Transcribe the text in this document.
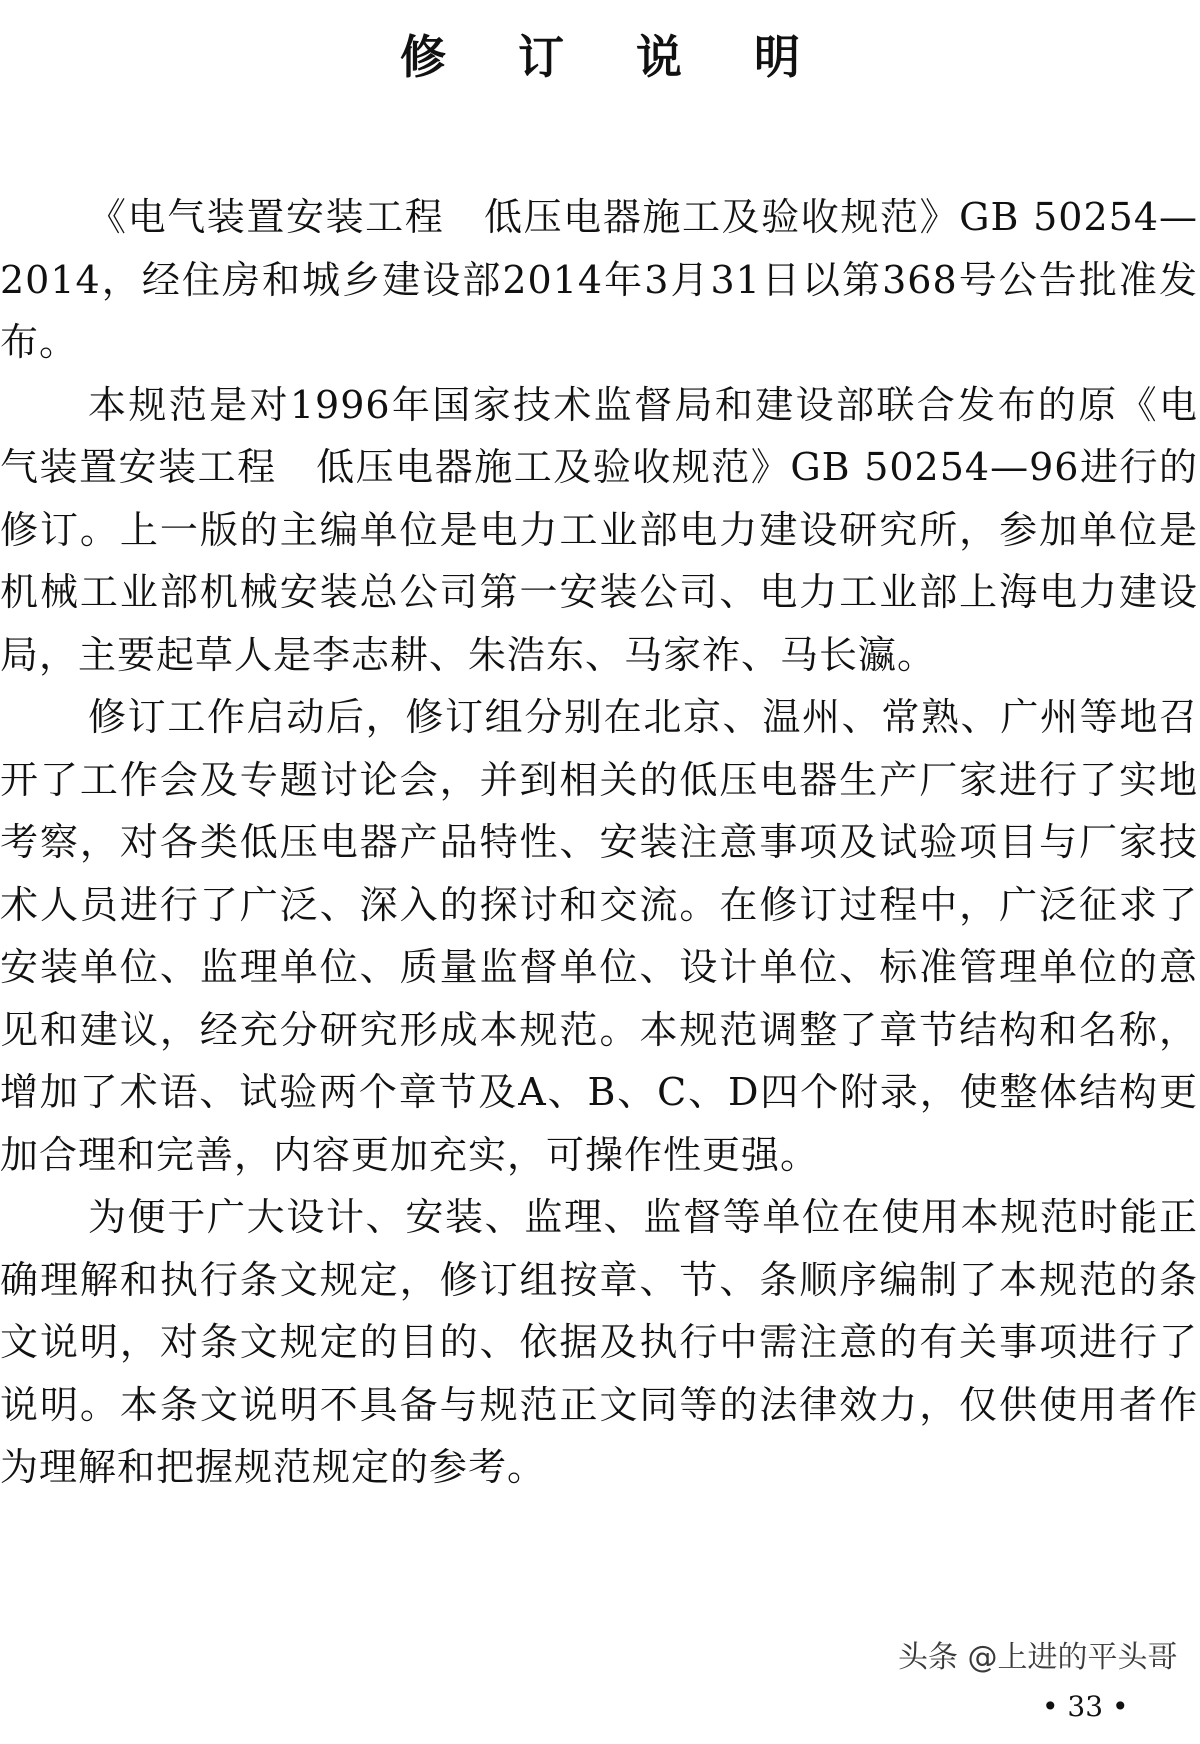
修 订 说 明

《电气装置安装工程　低压电器施工及验收规范》GB 50254—2014，经住房和城乡建设部2014年3月31日以第368号公告批准发布。

本规范是对1996年国家技术监督局和建设部联合发布的原《电气装置安装工程　低压电器施工及验收规范》GB 50254—96进行的修订。上一版的主编单位是电力工业部电力建设研究所，参加单位是机械工业部机械安装总公司第一安装公司、电力工业部上海电力建设局，主要起草人是李志耕、朱浩东、马家祚、马长瀛。

修订工作启动后，修订组分别在北京、温州、常熟、广州等地召开了工作会及专题讨论会，并到相关的低压电器生产厂家进行了实地考察，对各类低压电器产品特性、安装注意事项及试验项目与厂家技术人员进行了广泛、深入的探讨和交流。在修订过程中，广泛征求了安装单位、监理单位、质量监督单位、设计单位、标准管理单位的意见和建议，经充分研究形成本规范。本规范调整了章节结构和名称，增加了术语、试验两个章节及A、B、C、D四个附录，使整体结构更加合理和完善，内容更加充实，可操作性更强。

为便于广大设计、安装、监理、监督等单位在使用本规范时能正确理解和执行条文规定，修订组按章、节、条顺序编制了本规范的条文说明，对条文规定的目的、依据及执行中需注意的有关事项进行了说明。本条文说明不具备与规范正文同等的法律效力，仅供使用者作为理解和把握规范规定的参考。

头条 @上进的平头哥
• 33 •
